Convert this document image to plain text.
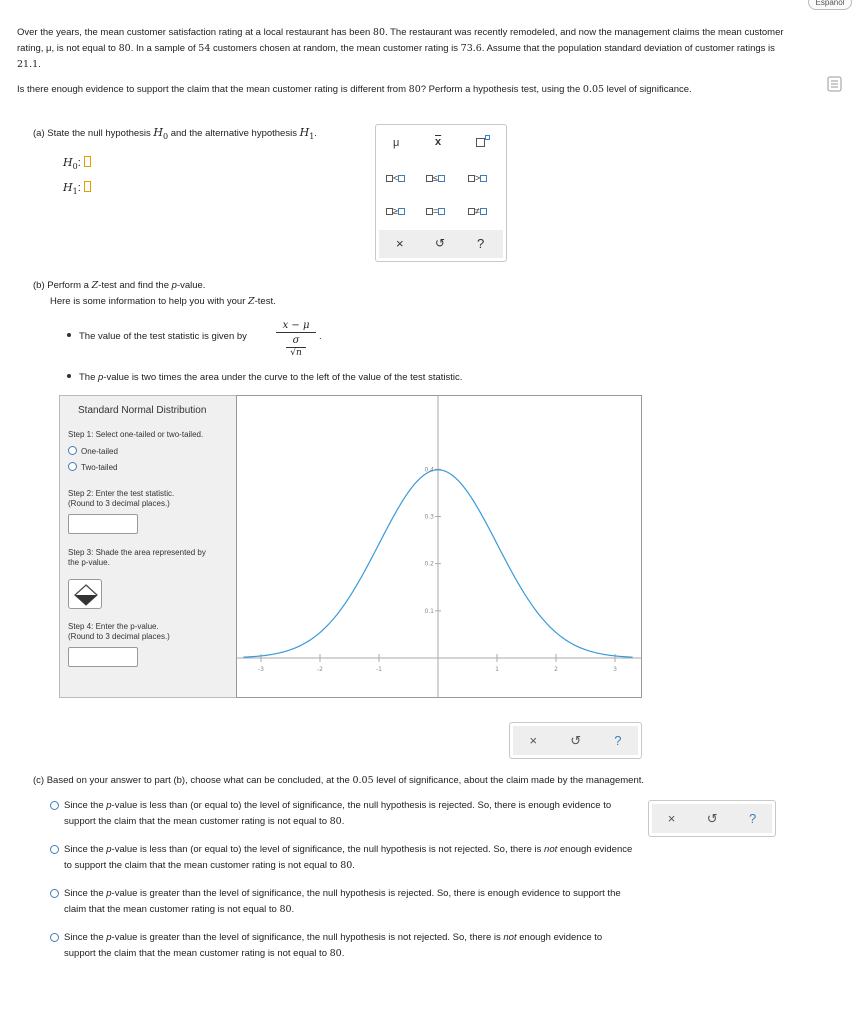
Español
Over the years, the mean customer satisfaction rating at a local restaurant has been 80. The restaurant was recently remodeled, and now the management claims the mean customer rating, μ, is not equal to 80. In a sample of 54 customers chosen at random, the mean customer rating is 73.6. Assume that the population standard deviation of customer ratings is 21.1.
Is there enough evidence to support the claim that the mean customer rating is different from 80? Perform a hypothesis test, using the 0.05 level of significance.
(a) State the null hypothesis $H_0$ and the alternative hypothesis $H_1$.
$H_0$:
$H_1$:
μ	$\overline{x}$
<	≤	>
≥	=	≠
×	↺ ?
(b) Perform a Z-test and find the p-value.
Here is some information to help you with your Z-test.
The value of the test statistic is given by
x − μ
σ
√n
.
The p-value is two times the area under the curve to the left of the value of the test statistic.
Standard Normal Distribution
Step 1: Select one-tailed or two-tailed.
One-tailed
Two-tailed
Step 2: Enter the test statistic.
(Round to 3 decimal places.)
Step 3: Shade the area represented by
the p-value.
Step 4: Enter the p-value.
(Round to 3 decimal places.)
-3	-2	-1	1	2	3
0.1
0.2
0.3
0.4
×	↺	?
(c) Based on your answer to part (b), choose what can be concluded, at the 0.05 level of significance, about the claim made by the management.
Since the p-value is less than (or equal to) the level of significance, the null hypothesis is rejected. So, there is enough evidence to support the claim that the mean customer rating is not equal to 80.
Since the p-value is less than (or equal to) the level of significance, the null hypothesis is not rejected. So, there is not enough evidence to support the claim that the mean customer rating is not equal to 80.
Since the p-value is greater than the level of significance, the null hypothesis is rejected. So, there is enough evidence to support the claim that the mean customer rating is not equal to 80.
Since the p-value is greater than the level of significance, the null hypothesis is not rejected. So, there is not enough evidence to support the claim that the mean customer rating is not equal to 80.
× ↺ ?
